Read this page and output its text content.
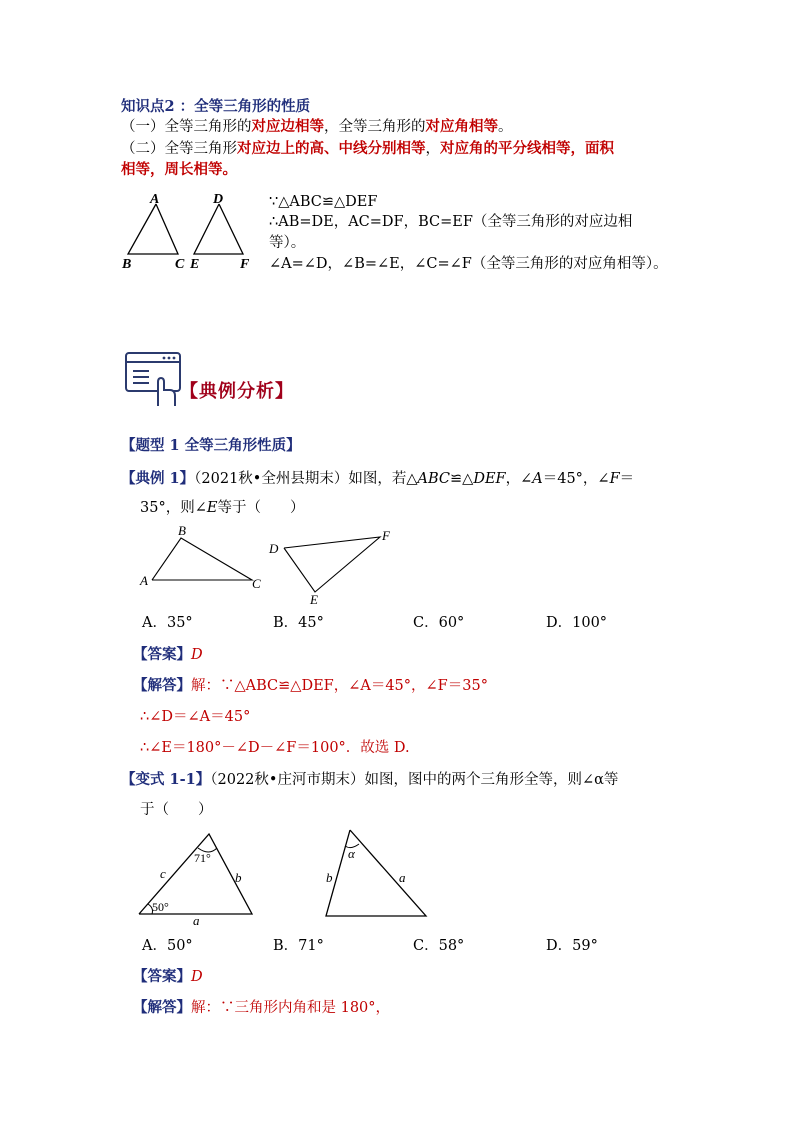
知识点2 ：全等三角形的性质
（一）全等三角形的对应边相等，全等三角形的对应角相等。
（二）全等三角形对应边上的高、中线分别相等，对应角的平分线相等，面积
相等，周长相等。
A
B	C
D
E	F
∵△ABC≌△DEF
∴AB=DE，AC=DF，BC=EF（全等三角形的对应边相
等）。
∠A=∠D，∠B=∠E，∠C=∠F（全等三角形的对应角相等）。
【典例分析】
【题型 1 全等三角形性质】
【典例 1】（2021秋•全州县期末）如图，若△ABC≌△DEF，∠A＝45°，∠F＝
35°，则∠E等于（　　）
A
B
C
D
E
F
A．35°	B．45°	C．60°	D．100°
【答案】D
【解答】解：∵△ABC≌△DEF，∠A＝45°，∠F＝35°
∴∠D＝∠A＝45°
∴∠E＝180°－∠D－∠F＝100°．故选 D.
【变式 1-1】（2022秋•庄河市期末）如图，图中的两个三角形全等，则∠α等
于（　　）
71°
50°
c	b
a
α
b	a
A．50°	B．71°	C．58°	D．59°
【答案】D
【解答】解：∵三角形内角和是 180°，
